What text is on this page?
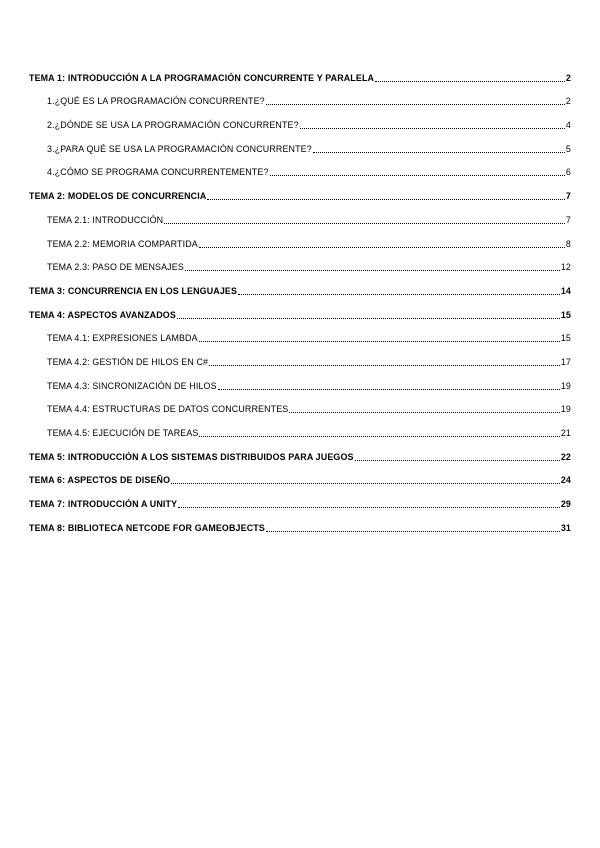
TEMA 1: INTRODUCCIÓN A LA PROGRAMACIÓN CONCURRENTE Y PARALELA	2
1.¿QUÉ ES LA PROGRAMACIÓN CONCURRENTE?	2
2.¿DÓNDE SE USA LA PROGRAMACIÓN CONCURRENTE?	4
3.¿PARA QUÉ SE USA LA PROGRAMACIÓN CONCURRENTE?	5
4.¿CÓMO SE PROGRAMA CONCURRENTEMENTE?	6
TEMA 2: MODELOS DE CONCURRENCIA	7
TEMA 2.1: INTRODUCCIÓN	7
TEMA 2.2: MEMORIA COMPARTIDA	8
TEMA 2.3: PASO DE MENSAJES	12
TEMA 3: CONCURRENCIA EN LOS LENGUAJES	14
TEMA 4: ASPECTOS AVANZADOS	15
TEMA 4.1: EXPRESIONES LAMBDA	15
TEMA 4.2: GESTIÓN DE HILOS EN C#	17
TEMA 4.3: SINCRONIZACIÓN DE HILOS	19
TEMA 4.4: ESTRUCTURAS DE DATOS CONCURRENTES	19
TEMA 4.5: EJECUCIÓN DE TAREAS	21
TEMA 5: INTRODUCCIÓN A LOS SISTEMAS DISTRIBUIDOS PARA JUEGOS	22
TEMA 6: ASPECTOS DE DISEÑO	24
TEMA 7: INTRODUCCIÓN A UNITY	29
TEMA 8: BIBLIOTECA NETCODE FOR GAMEOBJECTS	31
